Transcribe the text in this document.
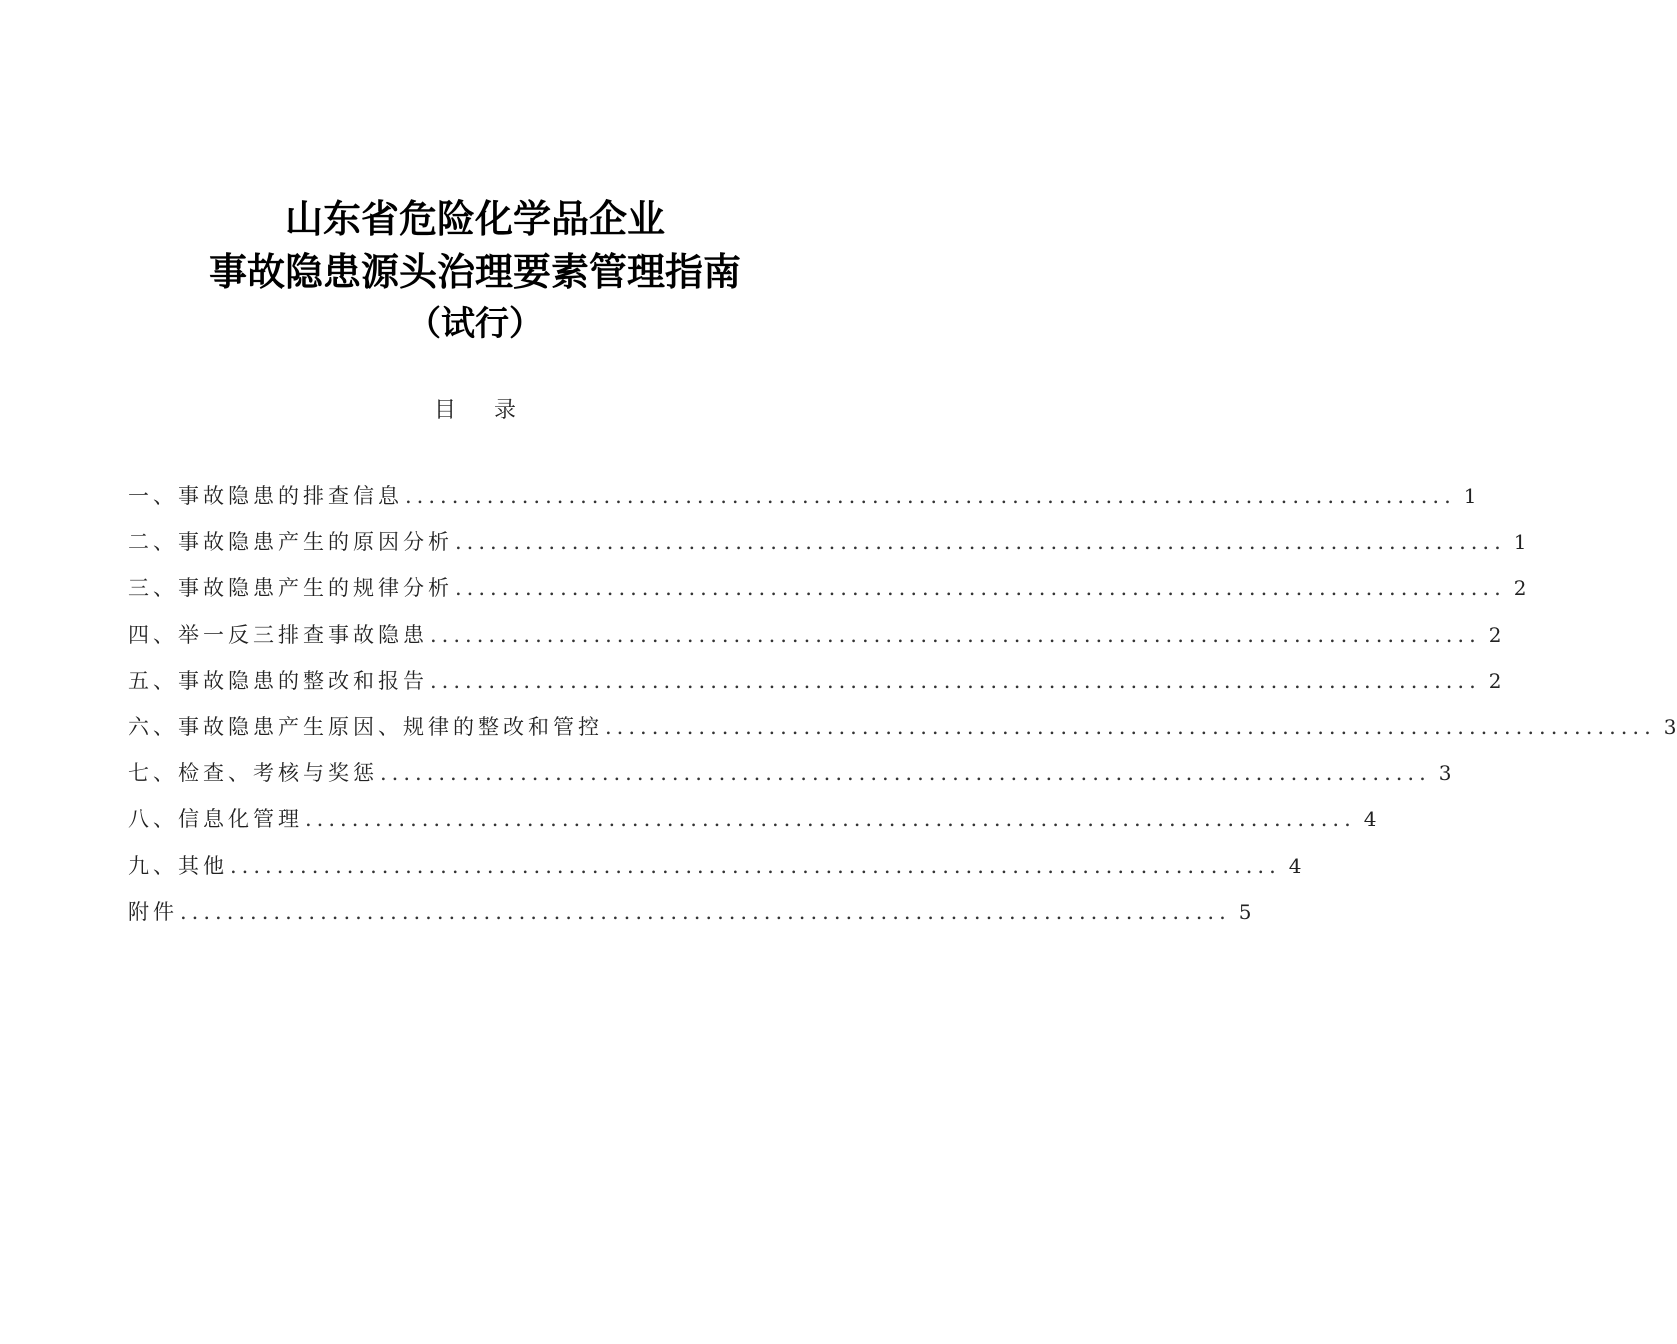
山东省危险化学品企业
事故隐患源头治理要素管理指南
（试行）
目 录
一、事故隐患的排查信息 .......................................................................................... 1
二、事故隐患产生的原因分析 .......................................................................................... 1
三、事故隐患产生的规律分析 .......................................................................................... 2
四、举一反三排查事故隐患 .......................................................................................... 2
五、事故隐患的整改和报告 .......................................................................................... 2
六、事故隐患产生原因、规律的整改和管控 .......................................................................................... 3
七、检查、考核与奖惩 .......................................................................................... 3
八、信息化管理 .......................................................................................... 4
九、其他 .......................................................................................... 4
附件 .......................................................................................... 5
